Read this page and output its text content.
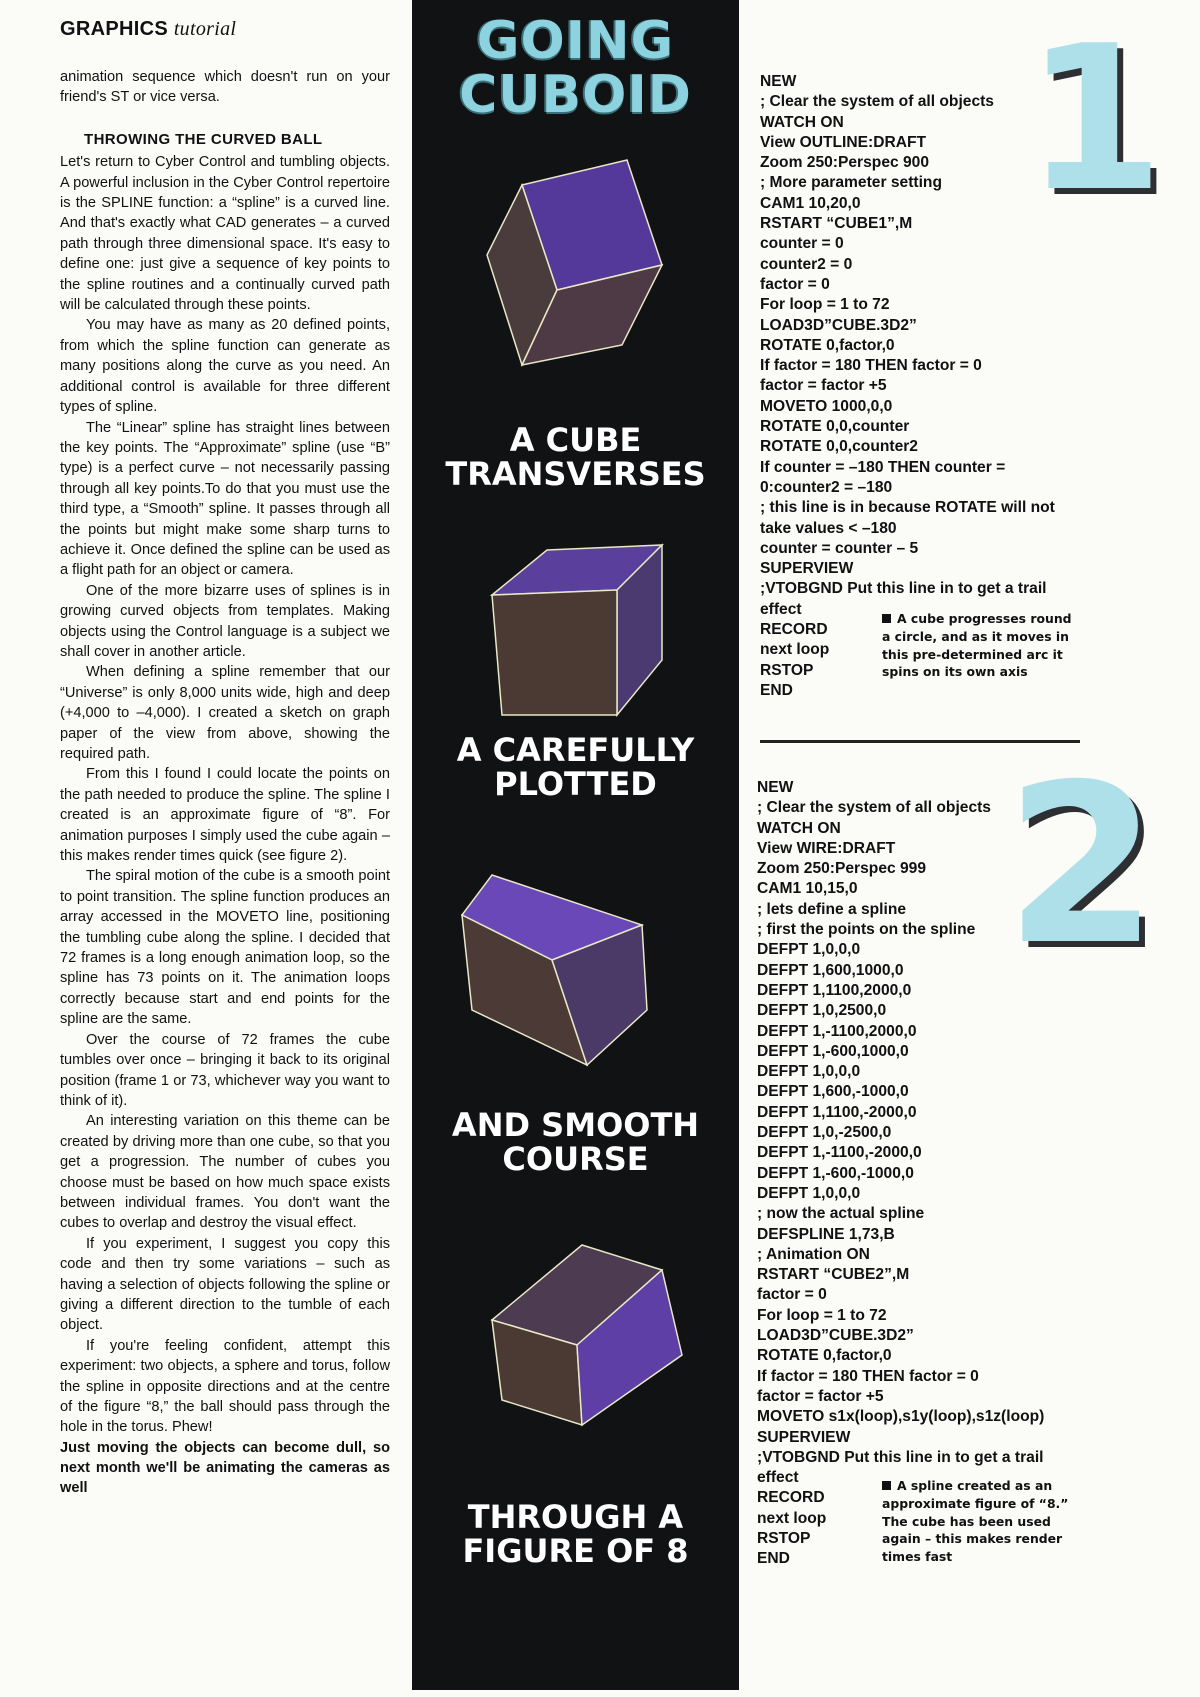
GRAPHICS tutorial

animation sequence which doesn't run on your friend's ST or vice versa.

THROWING THE CURVED BALL

Let's return to Cyber Control and tumbling objects. A powerful inclusion in the Cyber Control repertoire is the SPLINE function: a “spline” is a curved line. And that's exactly what CAD generates – a curved path through three dimensional space. It's easy to define one: just give a sequence of key points to the spline routines and a continually curved path will be calculated through these points.

You may have as many as 20 defined points, from which the spline function can generate as many positions along the curve as you need. An additional control is available for three different types of spline.

The “Linear” spline has straight lines between the key points. The “Approximate” spline (use “B” type) is a perfect curve – not necessarily passing through all key points.To do that you must use the third type, a “Smooth” spline. It passes through all the points but might make some sharp turns to achieve it. Once defined the spline can be used as a flight path for an object or camera.

One of the more bizarre uses of splines is in growing curved objects from templates. Making objects using the Control language is a subject we shall cover in another article.

When defining a spline remember that our “Universe” is only 8,000 units wide, high and deep (+4,000 to –4,000). I created a sketch on graph paper of the view from above, showing the required path.

From this I found I could locate the points on the path needed to produce the spline. The spline I created is an approximate figure of “8”. For animation purposes I simply used the cube again – this makes render times quick (see figure 2).

The spiral motion of the cube is a smooth point to point transition. The spline function produces an array accessed in the MOVETO line, positioning the tumbling cube along the spline. I decided that 72 frames is a long enough animation loop, so the spline has 73 points on it. The animation loops correctly because start and end points for the spline are the same.

Over the course of 72 frames the cube tumbles over once – bringing it back to its original position (frame 1 or 73, whichever way you want to think of it).

An interesting variation on this theme can be created by driving more than one cube, so that you get a progression. The number of cubes you choose must be based on how much space exists between individual frames. You don't want the cubes to overlap and destroy the visual effect.

If you experiment, I suggest you copy this code and then try some variations – such as having a selection of objects following the spline or giving a different direction to the tumble of each object.

If you're feeling confident, attempt this experiment: two objects, a sphere and torus, follow the spline in opposite directions and at the centre of the figure “8,” the ball should pass through the hole in the torus. Phew!

Just moving the objects can become dull, so next month we'll be animating the cameras as well
GOING
CUBOID
A CUBE
TRANSVERSES
A CAREFULLY
PLOTTED
AND SMOOTH
COURSE
THROUGH A
FIGURE OF 8
1
NEW
; Clear the system of all objects
WATCH ON
View OUTLINE:DRAFT
Zoom 250:Perspec 900
; More parameter setting
CAM1 10,20,0
RSTART “CUBE1”,M
counter = 0
counter2 = 0
factor = 0
For loop = 1 to 72
LOAD3D”CUBE.3D2”
ROTATE 0,factor,0
If factor = 180 THEN factor = 0
factor = factor +5
MOVETO 1000,0,0
ROTATE 0,0,counter
ROTATE 0,0,counter2
If counter = –180 THEN counter =
0:counter2 = –180
; this line is in because ROTATE will not
take values < –180
counter = counter – 5
SUPERVIEW
;VTOBGND Put this line in to get a trail
effect
RECORD
next loop
RSTOP
END
A cube progresses round a circle, and as it moves in this pre-determined arc it spins on its own axis
2
NEW
; Clear the system of all objects
WATCH ON
View WIRE:DRAFT
Zoom 250:Perspec 999
CAM1 10,15,0
; lets define a spline
; first the points on the spline
DEFPT 1,0,0,0
DEFPT 1,600,1000,0
DEFPT 1,1100,2000,0
DEFPT 1,0,2500,0
DEFPT 1,-1100,2000,0
DEFPT 1,-600,1000,0
DEFPT 1,0,0,0
DEFPT 1,600,-1000,0
DEFPT 1,1100,-2000,0
DEFPT 1,0,-2500,0
DEFPT 1,-1100,-2000,0
DEFPT 1,-600,-1000,0
DEFPT 1,0,0,0
; now the actual spline
DEFSPLINE 1,73,B
; Animation ON
RSTART “CUBE2”,M
factor = 0
For loop = 1 to 72
LOAD3D”CUBE.3D2”
ROTATE 0,factor,0
If factor = 180 THEN factor = 0
factor = factor +5
MOVETO s1x(loop),s1y(loop),s1z(loop)
SUPERVIEW
;VTOBGND Put this line in to get a trail
effect
RECORD
next loop
RSTOP
END
A spline created as an approximate figure of “8.” The cube has been used again – this makes render times fast
